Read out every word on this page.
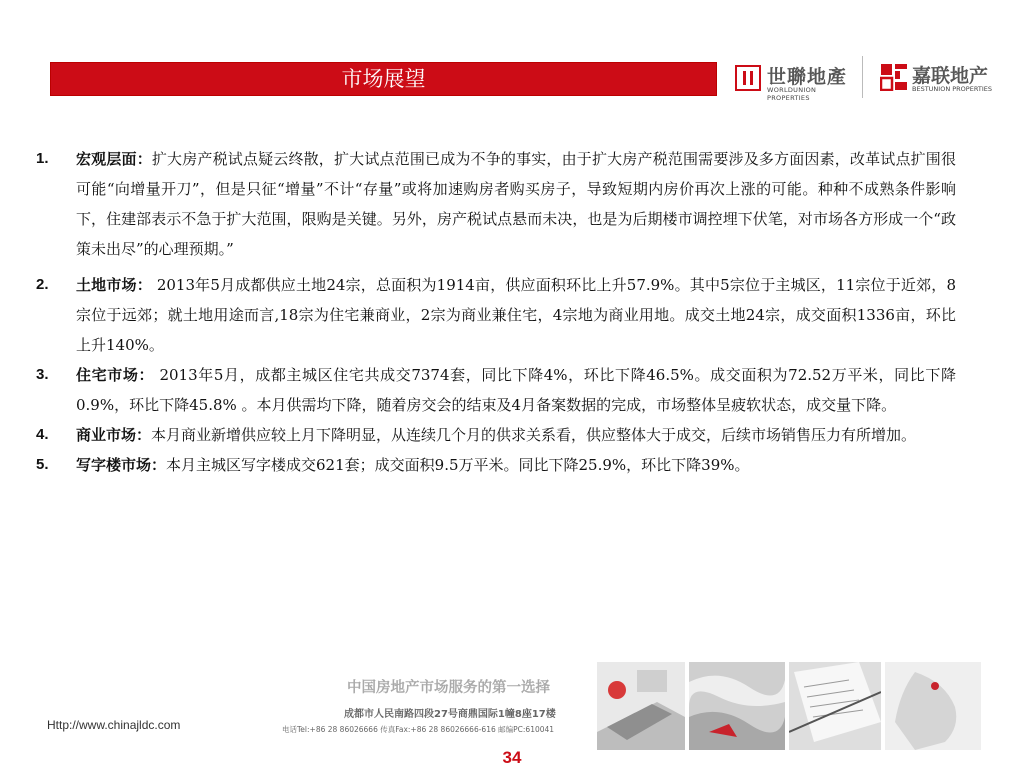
市场展望	世聯地產
WORLDUNION PROPERTIES
嘉联地产
BESTUNION PROPERTIES
1. 宏观层面：扩大房产税试点疑云终散，扩大试点范围已成为不争的事实，由于扩大房产税范围需要涉及多方面因素，改革试点扩围很可能“向增量开刀”，但是只征“增量”不计“存量”或将加速购房者购买房子，导致短期内房价再次上涨的可能。种种不成熟条件影响下，住建部表示不急于扩大范围，限购是关键。另外，房产税试点悬而未决，也是为后期楼市调控埋下伏笔，对市场各方形成一个“政策未出尽”的心理预期。”
2. 土地市场： 2013年5月成都供应土地24宗，总面积为1914亩，供应面积环比上升57.9%。其中5宗位于主城区，11宗位于近郊，8宗位于远郊；就土地用途而言,18宗为住宅兼商业，2宗为商业兼住宅，4宗地为商业用地。成交土地24宗，成交面积1336亩，环比上升140%。
3. 住宅市场： 2013年5月，成都主城区住宅共成交7374套，同比下降4%，环比下降46.5%。成交面积为72.52万平米，同比下降0.9%，环比下降45.8% 。本月供需均下降，随着房交会的结束及4月备案数据的完成，市场整体呈疲软状态，成交量下降。
4. 商业市场：本月商业新增供应较上月下降明显，从连续几个月的供求关系看，供应整体大于成交，后续市场销售压力有所增加。
5. 写字楼市场：本月主城区写字楼成交621套；成交面积9.5万平米。同比下降25.9%，环比下降39%。
中国房地产市场服务的第一选择
成都市人民南路四段27号商鼎国际1幢8座17楼
电话Tel:+86 28 86026666 传真Fax:+86 28 86026666-616 邮编PC:610041
Http://www.chinajldc.com
34
